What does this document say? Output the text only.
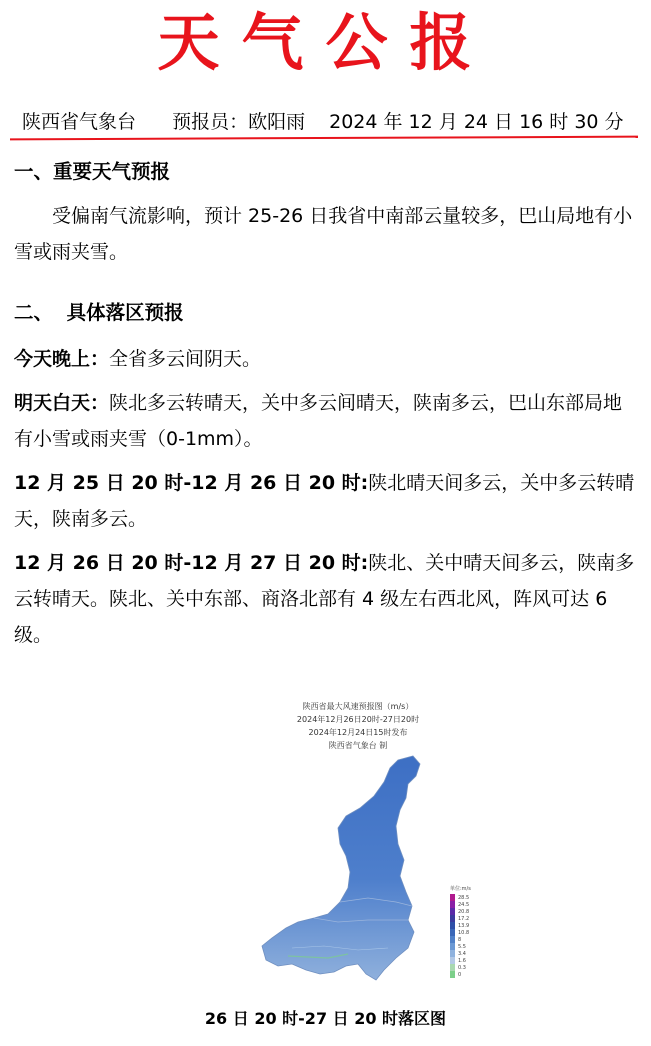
天气公报
陕西省气象台 预报员：欧阳雨 2024 年 12 月 24 日 16 时 30 分
一、重要天气预报
受偏南气流影响，预计 25-26 日我省中南部云量较多，巴山局地有小雪或雨夹雪。
二、  具体落区预报
今天晚上：全省多云间阴天。
明天白天：陕北多云转晴天，关中多云间晴天，陕南多云，巴山东部局地有小雪或雨夹雪（0-1mm）。
12 月 25 日 20 时-12 月 26 日 20 时:陕北晴天间多云，关中多云转晴天，陕南多云。
12 月 26 日 20 时-12 月 27 日 20 时:陕北、关中晴天间多云，陕南多云转晴天。陕北、关中东部、商洛北部有 4 级左右西北风，阵风可达 6 级。
陕西省最大风速预报图（m/s）
2024年12月26日20时-27日20时
2024年12月24日15时发布
陕西省气象台 制
单位:m/s
28.5
24.5
20.8
17.2
13.9
10.8
8
5.5
3.4
1.6
0.3
0
26 日 20 时-27 日 20 时落区图
